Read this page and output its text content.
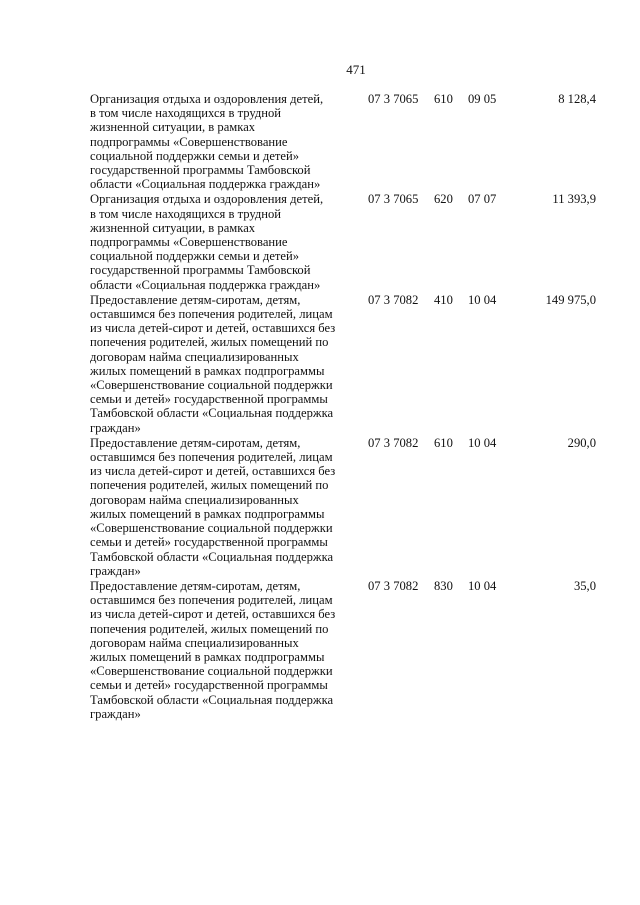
471
Организация отдыха и оздоровления детей,
в том числе находящихся в трудной
жизненной ситуации, в рамках
подпрограммы «Совершенствование
социальной поддержки семьи и детей»
государственной программы Тамбовской
области «Социальная поддержка граждан»
07 3 7065 610 09 05	8 128,4
Организация отдыха и оздоровления детей,
в том числе находящихся в трудной
жизненной ситуации, в рамках
подпрограммы «Совершенствование
социальной поддержки семьи и детей»
государственной программы Тамбовской
области «Социальная поддержка граждан»
07 3 7065 620 07 07	11 393,9
Предоставление детям-сиротам, детям,
оставшимся без попечения родителей, лицам
из числа детей-сирот и детей, оставшихся без
попечения родителей, жилых помещений по
договорам найма специализированных
жилых помещений в рамках подпрограммы
«Совершенствование социальной поддержки
семьи и детей» государственной программы
Тамбовской области «Социальная поддержка
граждан»
07 3 7082 410 10 04	149 975,0
Предоставление детям-сиротам, детям,
оставшимся без попечения родителей, лицам
из числа детей-сирот и детей, оставшихся без
попечения родителей, жилых помещений по
договорам найма специализированных
жилых помещений в рамках подпрограммы
«Совершенствование социальной поддержки
семьи и детей» государственной программы
Тамбовской области «Социальная поддержка
граждан»
07 3 7082 610 10 04	290,0
Предоставление детям-сиротам, детям,
оставшимся без попечения родителей, лицам
из числа детей-сирот и детей, оставшихся без
попечения родителей, жилых помещений по
договорам найма специализированных
жилых помещений в рамках подпрограммы
«Совершенствование социальной поддержки
семьи и детей» государственной программы
Тамбовской области «Социальная поддержка
граждан»
07 3 7082 830 10 04	35,0
